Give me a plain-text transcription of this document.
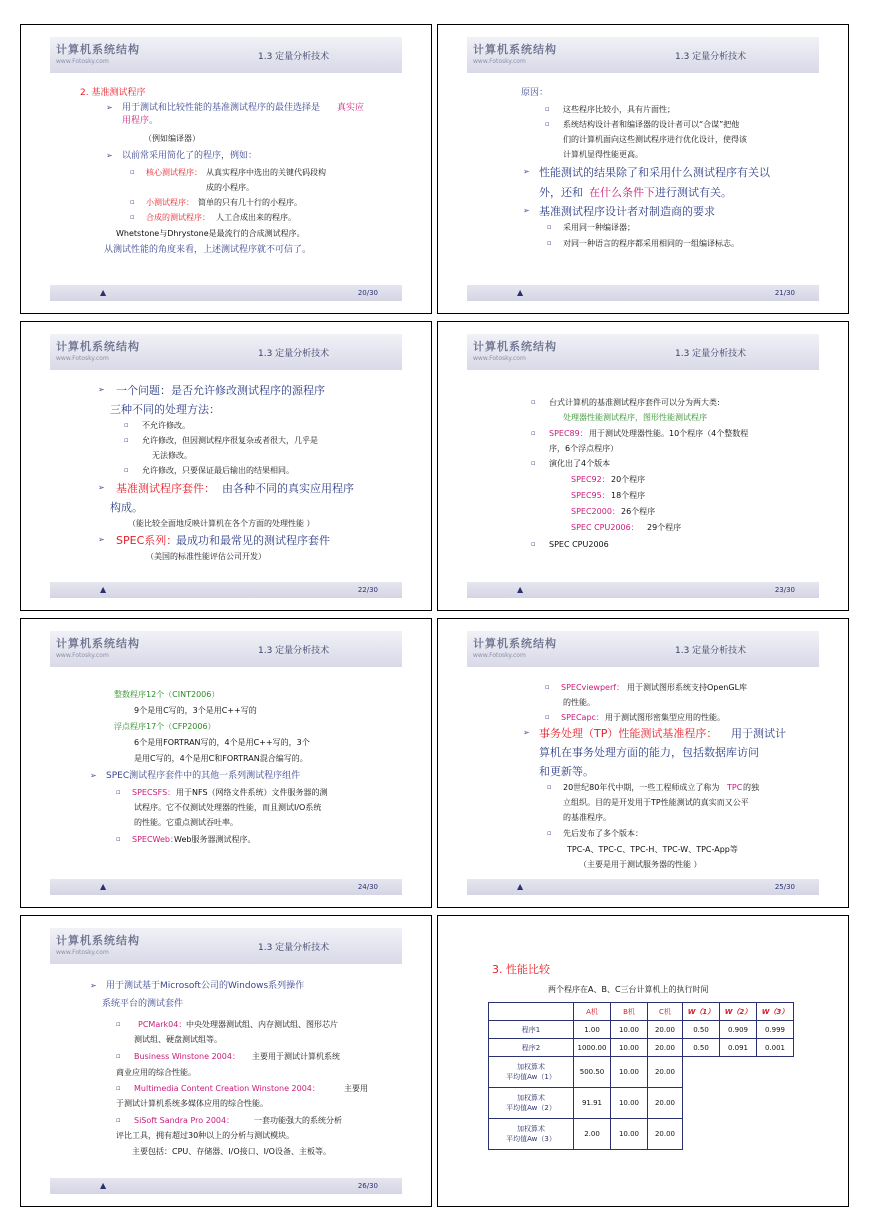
计算机系统结构
www.Fotosky.com	1.3 定量分析技术
2. 基准测试程序
➢ 用于测试和比较性能的基准测试程序的最佳选择是 真实应
用程序。
（例如编译器）
➢ 以前常采用简化了的程序，例如：
▫ 核心测试程序： 从真实程序中选出的关键代码段构
成的小程序。
▫ 小测试程序： 简单的只有几十行的小程序。
▫ 合成的测试程序： 人工合成出来的程序。
Whetstone与Dhrystone是最流行的合成测试程序。
从测试性能的角度来看，上述测试程序就不可信了。
▲	20/30
计算机系统结构
www.Fotosky.com	1.3 定量分析技术
原因：
▫ 这些程序比较小，具有片面性；
▫ 系统结构设计者和编译器的设计者可以“合谋”把他
们的计算机面向这些测试程序进行优化设计，使得该
计算机显得性能更高。
➢ 性能测试的结果除了和采用什么测试程序有关以
外，还和 在什么条件下 进行测试有关。
➢ 基准测试程序设计者对制造商的要求
▫ 采用同一种编译器；
▫ 对同一种语言的程序都采用相同的一组编译标志。
▲	21/30
计算机系统结构
www.Fotosky.com	1.3 定量分析技术
➢ 一个问题：是否允许修改测试程序的源程序
三种不同的处理方法：
▫ 不允许修改。
▫ 允许修改，但因测试程序很复杂或者很大，几乎是
无法修改。
▫ 允许修改，只要保证最后输出的结果相同。
➢ 基准测试程序套件： 由各种不同的真实应用程序
构成。
（能比较全面地反映计算机在各个方面的处理性能 ）
➢ SPEC系列：
最成功和最常见的测试程序套件
（美国的标准性能评估公司开发）
▲	22/30
计算机系统结构
www.Fotosky.com	1.3 定量分析技术
▫ 台式计算机的基准测试程序套件可以分为两大类:
处理器性能测试程序，图形性能测试程序
▫ SPEC89： 用于测试处理器性能。10个程序（4个整数程
序，6个浮点程序）
▫ 演化出了4个版本
SPEC92： 20个程序
SPEC95： 18个程序
SPEC2000： 26个程序
SPEC CPU2006： 29个程序
▫ SPEC CPU2006
▲	23/30
计算机系统结构
www.Fotosky.com	1.3 定量分析技术
整数程序12个（CINT2006）
9个是用C写的，3个是用C++写的
浮点程序17个（CFP2006）
6个是用FORTRAN写的，4个是用C++写的，3个
是用C写的，4个是用C和FORTRAN混合编写的。
➢ SPEC测试程序套件中的其他一系列测试程序组件
▫ SPECSFS： 用于NFS（网络文件系统）文件服务器的测
试程序。它不仅测试处理器的性能，而且测试I/O系统
的性能。它重点测试吞吐率。
▫ SPECWeb：
Web服务器测试程序。
▲	24/30
计算机系统结构
www.Fotosky.com	1.3 定量分析技术
▫ SPECviewperf： 用于测试图形系统支持OpenGL库
的性能。
▫ SPECapc： 用于测试图形密集型应用的性能。
➢ 事务处理（TP）性能测试基准程序： 用于测试计
算机在事务处理方面的能力，包括数据库访问
和更新等。
▫ 20世纪80年代中期，一些工程师成立了称为 TPC 的独
立组织。目的是开发用于TP性能测试的真实而又公平
的基准程序。
▫ 先后发布了多个版本：
TPC-A、TPC-C、TPC-H、TPC-W、TPC-App等
（主要是用于测试服务器的性能 ）
▲	25/30
计算机系统结构
www.Fotosky.com	1.3 定量分析技术
➢ 用于测试基于Microsoft公司的Windows系列操作
系统平台的测试套件
▫ PCMark04： 中央处理器测试组、内存测试组、图形芯片
测试组、硬盘测试组等。
▫ Business Winstone 2004： 主要用于测试计算机系统
商业应用的综合性能。
▫ Multimedia Content Creation Winstone 2004：	主要用
于测试计算机系统多媒体应用的综合性能。
▫ SiSoft Sandra Pro 2004： 一套功能强大的系统分析
评比工具，拥有超过30种以上的分析与测试模块。
主要包括：CPU、存储器、I/O接口、I/O设备、主板等。
▲	26/30
3. 性能比较
两个程序在A、B、C三台计算机上的执行时间
	A机	B机	C机	W（1）	W（2）	W（3）
程序1	1.00	10.00	20.00	0.50	0.909	0.999
程序2	1000.00	10.00	20.00	0.50	0.091	0.001
加权算术
平均值Aw（1）	500.50	10.00	20.00			
加权算术
平均值Aw（2）	91.91	10.00	20.00			
加权算术
平均值Aw（3）	2.00	10.00	20.00			
